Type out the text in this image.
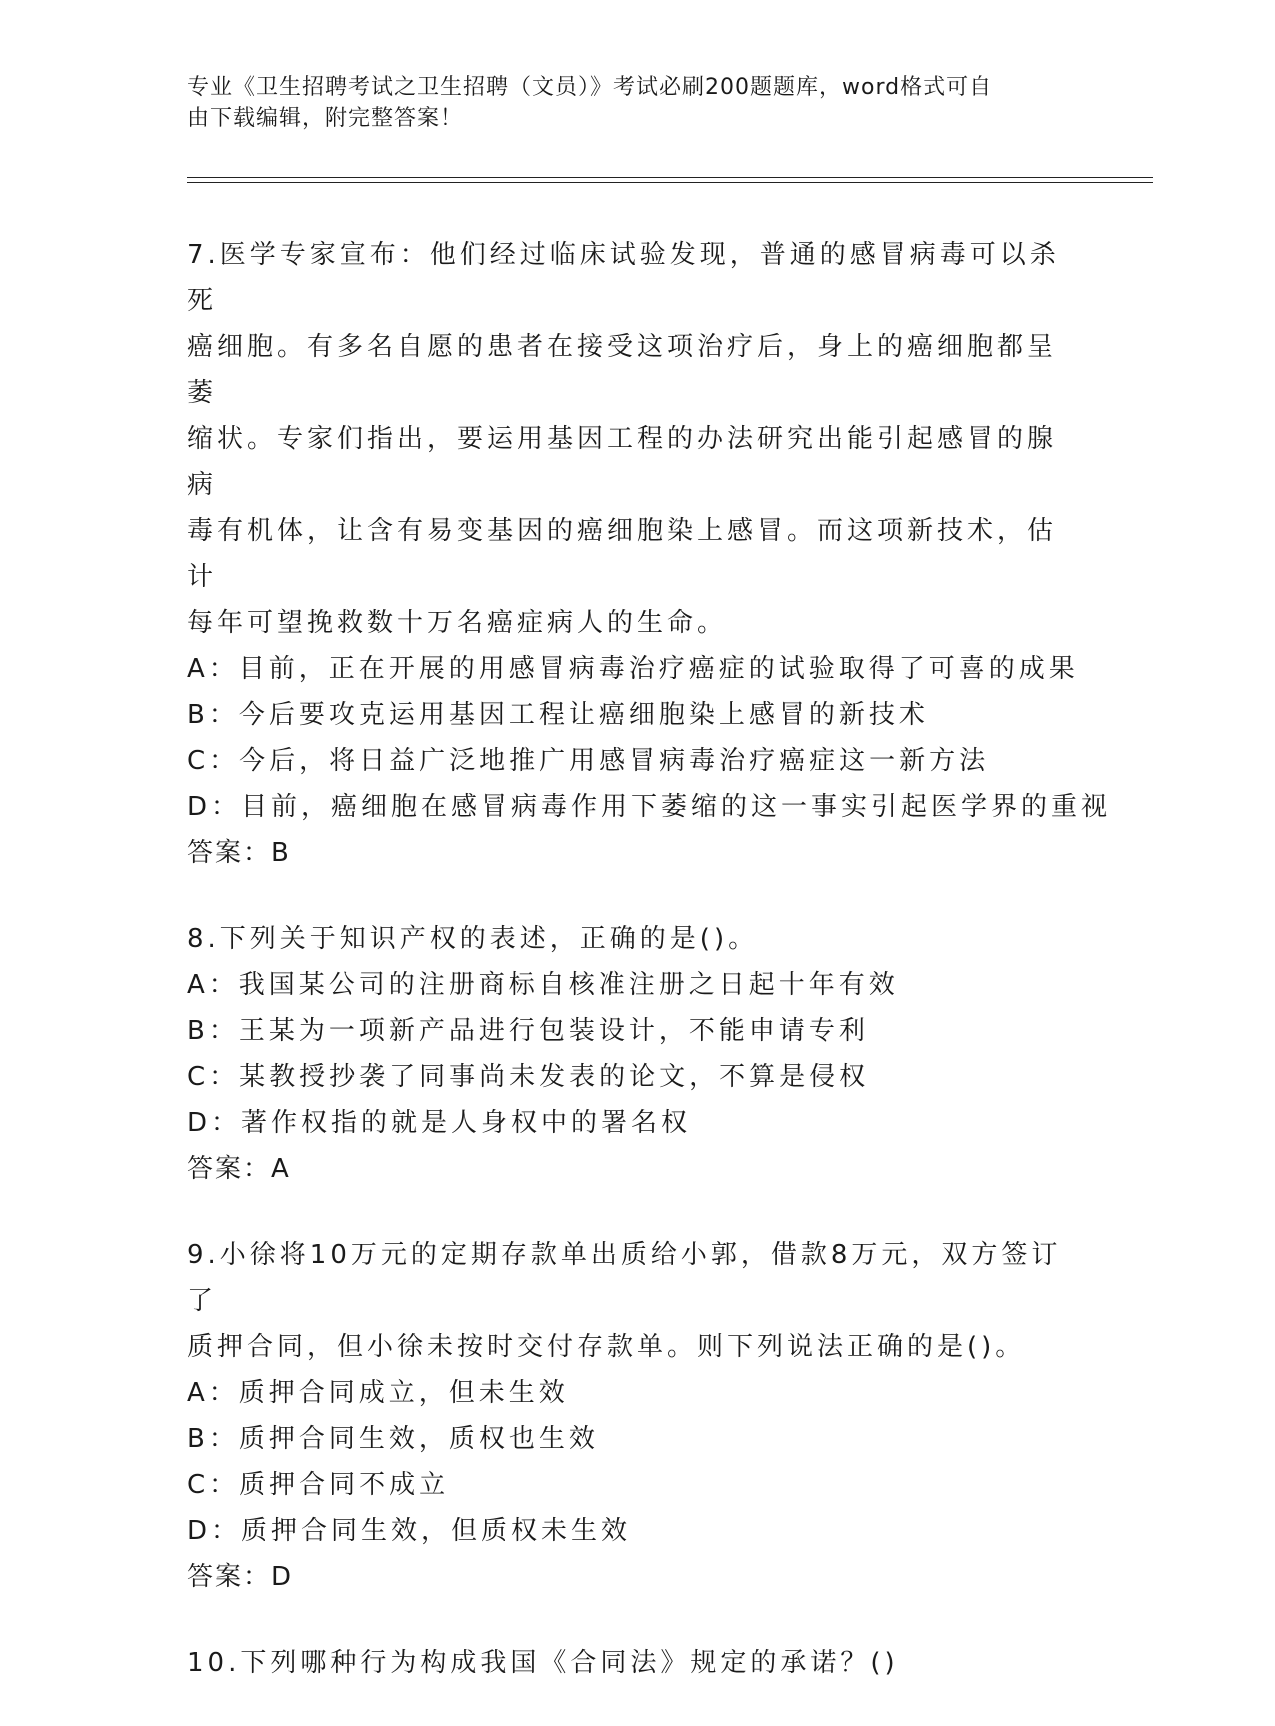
专业《卫生招聘考试之卫生招聘（文员）》考试必刷200题题库，word格式可自
由下载编辑，附完整答案！

7.医学专家宣布：他们经过临床试验发现，普通的感冒病毒可以杀死

癌细胞。有多名自愿的患者在接受这项治疗后，身上的癌细胞都呈萎

缩状。专家们指出，要运用基因工程的办法研究出能引起感冒的腺病

毒有机体，让含有易变基因的癌细胞染上感冒。而这项新技术，估计

每年可望挽救数十万名癌症病人的生命。

A：目前，正在开展的用感冒病毒治疗癌症的试验取得了可喜的成果

B：今后要攻克运用基因工程让癌细胞染上感冒的新技术

C：今后，将日益广泛地推广用感冒病毒治疗癌症这一新方法

D：目前，癌细胞在感冒病毒作用下萎缩的这一事实引起医学界的重视

答案：B

8.下列关于知识产权的表述，正确的是()。

A：我国某公司的注册商标自核准注册之日起十年有效

B：王某为一项新产品进行包装设计，不能申请专利

C：某教授抄袭了同事尚未发表的论文，不算是侵权

D：著作权指的就是人身权中的署名权

答案：A

9.小徐将10万元的定期存款单出质给小郭，借款8万元，双方签订了

质押合同，但小徐未按时交付存款单。则下列说法正确的是()。

A：质押合同成立，但未生效

B：质押合同生效，质权也生效

C：质押合同不成立

D：质押合同生效，但质权未生效

答案：D

10.下列哪种行为构成我国《合同法》规定的承诺？()
